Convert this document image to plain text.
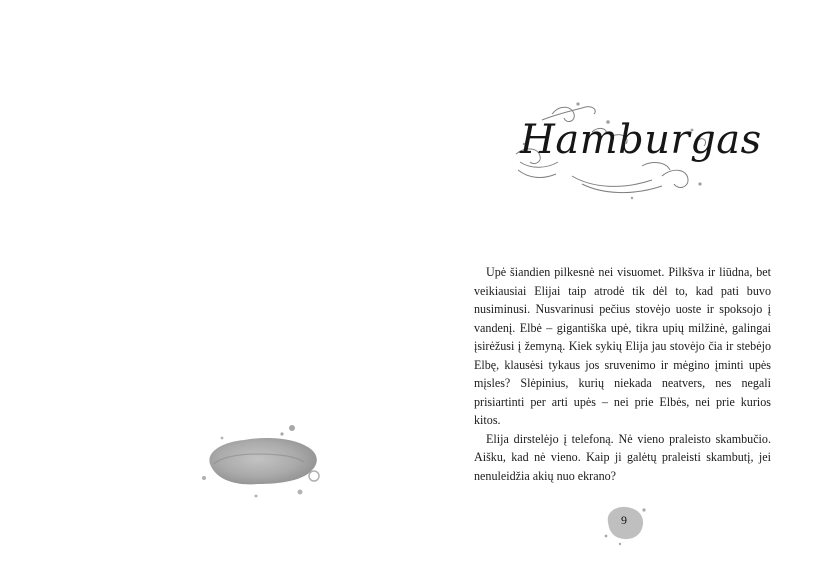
Hamburgas

Upė šiandien pilkesnė nei visuomet. Pilkšva ir liūdna, bet veikiausiai Elijai taip atrodė tik dėl to, kad pati buvo nusiminusi. Nusvarinusi pečius stovėjo uoste ir spoksojo į vandenį. Elbė – gigantiška upė, tikra upių milžinė, galingai įsirėžusi į žemyną. Kiek sykių Elija jau stovėjo čia ir stebėjo Elbę, klausėsi tykaus jos sruvenimo ir mėgino įminti upės mįsles? Slėpinius, kurių niekada neatvers, nes negali prisiartinti per arti upės – nei prie Elbės, nei prie kurios kitos.

Elija dirstelėjo į telefoną. Nė vieno praleisto skambučio. Aišku, kad nė vieno. Kaip ji galėtų praleisti skambutį, jei nenuleidžia akių nuo ekrano?

9
